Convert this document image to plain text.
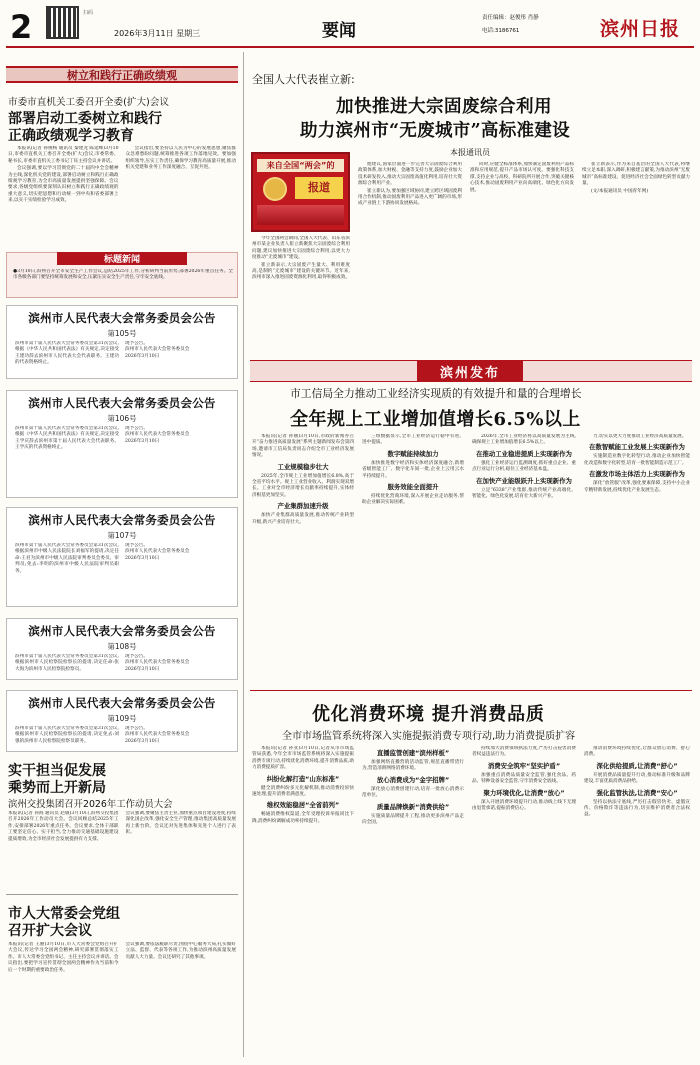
2	扫码
2026年3月11日 星期三	要闻
责任编辑：赵俊彤 肖静
电话:3186761	滨州日报
树立和践行正确政绩观
市委市直机关工委召开全委(扩大)会议
部署启动工委树立和践行
正确政绩观学习教育

本报讯(记者 孙俊杨 通讯员 秦建龙 陈延峰)3月10日,市委市直机关工委召开全委(扩大)会议,市委常委、秘书长,市委市直机关工委书记丁钰主持会议并讲话。

会议强调,要以学习贯彻党的二十届四中全会精神为主线,深化机关党的建设,部署启动树立和践行正确政绩观学习教育,为全市高质量发展提供坚强保障。会议要求,各级党组织要深刻认识树立和践行正确政绩观的重大意义,切实把思想和行动统一到中央和省委部署上来,以实干实绩检验学习成效。

会议指出,要坚持以人民为中心的发展思想,聚焦群众急难愁盼问题,统筹推进各项工作落地见效。要加强组织领导,压实工作责任,确保学习教育高质量开展,推动机关党建和业务工作深度融合、互促共进。

标题新闻
●3月10日,滨州召开全市安全生产工作会议,总结2025年工作,分析研判当前形势,部署2026年重点任务。全市各级各部门要坚持统筹发展和安全,压紧压实安全生产责任,守牢安全底线。
滨州市人民代表大会常务委员会公告
第105号
滨州市第十届人民代表大会常务委员会第31次会议,根据《中华人民共和国代表法》有关规定,决定接受王建功辞去滨州市人民代表大会代表职务。王建功的代表资格终止。
现予公告。
滨州市人民代表大会常务委员会
2026年3月10日
滨州市人民代表大会常务委员会公告
第106号
滨州市第十届人民代表大会常务委员会第31次会议,根据《中华人民共和国代表法》有关规定,决定接受王学庆辞去滨州市第十届人民代表大会代表职务。王学庆的代表资格终止。
现予公告。
滨州市人民代表大会常务委员会
2026年3月10日
滨州市人民代表大会常务委员会公告
第107号
滨州市第十届人民代表大会常务委员会第31次会议,根据滨州市中级人民法院院长刘福军的提请,决定任命:王君为滨州市中级人民法院审判委员会委员、审判员;免去:李明的滨州市中级人民法院审判员职务。
现予公告。
滨州市人民代表大会常务委员会
2026年3月10日
滨州市人民代表大会常务委员会公告
第108号
滨州市第十届人民代表大会常务委员会第31次会议,根据滨州市人民检察院检察长的提请,决定任命:张大海为滨州市人民检察院检察员。
现予公告。
滨州市人民代表大会常务委员会
2026年3月10日
滨州市人民代表大会常务委员会公告
第109号
滨州市第十届人民代表大会常务委员会第31次会议,根据滨州市人民检察院检察长的提请,决定免去:刘强的滨州市人民检察院检察员职务。
现予公告。
滨州市人民代表大会常务委员会
2026年3月10日
实干担当促发展
乘势而上开新局
滨州交投集团召开2026年工作动员大会
本报讯(记者 孙海 通讯员 赵敏)3月10日,滨州交投集团召开2026年工作动员大会。会议回顾总结2025年工作,安排部署2026年重点任务。会议要求,全体干部职工要坚定信心、实干担当,全力推动交通基础设施建设提质增效,为全市经济社会发展提供有力支撑。
会议强调,要聚焦主责主业,加快重点项目建设进度,持续深化国企改革,强化安全生产管理,推动集团高质量发展再上新台阶。会议还对先进集体和先进个人进行了表彰。
市人大常委会党组
召开扩大会议
本报讯(记者 王丽)3月10日,市人大常委会党组召开扩大会议,传达学习全国两会精神,研究部署贯彻落实工作。市人大常委会党组书记、主任主持会议并讲话。会议指出,要把学习宣传贯彻全国两会精神作为当前和今后一个时期的重要政治任务。
会议强调,要依法履职尽责,围绕中心服务大局,扎实做好立法、监督、代表等各项工作,为推动滨州高质量发展贡献人大力量。会议还研究了其他事项。
全国人大代表崔立新:
加快推进大宗固废综合利用
助力滨州市“无废城市”高标准建设
本报通讯员
来自全国“两会”的
报道

今年全国两会期间,全国人大代表、山东省滨州市某企业负责人崔立新聚焦大宗固废综合利用问题,建议加快推进大宗固废综合利用,以更大力度推动“无废城市”建设。

崔立新表示,大宗固废产生量大、利用难度高,是制约“无废城市”建设的关键环节。近年来,滨州市深入推进固废资源化利用,取得积极成效。

他建议,国家层面进一步完善大宗固废综合利用政策体系,加大财税、金融等支持力度,鼓励企业加大技术研发投入,推动大宗固废高值化利用,培育壮大资源综合利用产业。

崔立新认为,要加强区域协同,建立跨区域固废利用合作机制,推动固废利用产品进入更广阔的市场,形成产业链上下游协同发展格局。

同时,应健全标准体系,加快制定固废利用产品标准和应用规范,提升产品市场认可度。要强化科技支撑,支持企业与高校、科研院所开展合作,突破关键核心技术,推动固废利用产业向高端化、绿色化方向发展。

崔立新表示,作为来自基层的全国人大代表,将继续立足本职,深入调研,积极建言献策,为推动滨州“无废城市”高标准建设、促进经济社会全面绿色转型贡献力量。

(文/本报通讯员 中国青年网)

滨州发布
市工信局全力推动工业经济实现质的有效提升和量的合理增长
全年规上工业增加值增长6.5%以上

本报讯(记者 孙丽)3月10日,市政府新闻办召开“奋力推进高质量发展”系列主题新闻发布会第四场,邀请市工信局负责同志介绍全市工业经济发展情况。

工业规模稳步壮大

2025年,全市规上工业增加值增长6.8%,高于全省平均水平。规上工业营业收入、利润实现双增长。工业对全市经济增长贡献率持续提升,实体经济根基更加坚实。

产业集群加速升级

加快产业集群高质量发展,推动传统产业转型升级,新兴产业培育壮大。

三组数据显示,全市工业经济运行稳中有进、进中提质。

数字赋能持续加力

加快推进数字经济和实体经济深度融合,新增省级智能工厂、数字化车间一批,企业上云用云水平持续提升。

服务效能全面提升

持续优化营商环境,深入开展企业走访服务,帮助企业解决实际困难。

2026年,全市工业经济将以高质量发展为主线,确保规上工业增加值增长6.5%以上。

在推动工业稳进提质上实现新作为

强化工业经济运行监测调度,抓好重点企业、重点行业运行分析,稳住工业经济基本盘。

在加快产业能级跃升上实现新作为

立足“6338”产业集群,推动传统产业高端化、智能化、绿色化发展,培育壮大新兴产业。

力,切实以更大力度推动工业经济高质量发展。

在数智赋能工业发展上实现新作为

实施制造业数字化转型行动,推动企业加快智能化改造和数字化转型,培育一批智能制造示范工厂。

在激发市场主体活力上实现新作为

深化“放管服”改革,强化要素保障,支持中小企业专精特新发展,持续优化产业发展生态。

优化消费环境 提升消费品质
全市市场监管系统将深入实施提振消费专项行动,助力消费提质扩容

本报讯(记者 孙亚)3月10日,记者从市市场监管局获悉,今年全市市场监管系统将深入实施提振消费专项行动,持续优化消费环境,提升消费品质,助力消费提质扩容。

纠纷化解打造“山东标准”

健全消费纠纷多元化解机制,推动消费投诉快速处理,提升消费者满意度。

维权效能稳居“全省前列”

畅通消费维权渠道,全年受理投诉举报同比下降,消费纠纷调解成功率持续提升。

直播监管创建“滨州样板”

加强网络直播营销活动监管,规范直播带货行为,营造清朗网络消费环境。

放心消费成为“金字招牌”

深化放心消费创建行动,培育一批放心消费示范单位。

质量品牌焕新“消费供给”

实施质量品牌提升工程,推动更多滨州产品走向全国。

持续加大消费领域执法力度,严厉打击侵害消费者权益违法行为。

消费安全筑牢“坚实护盾”

加强重点消费品质量安全监管,强化食品、药品、特种设备安全监管,守牢消费安全底线。

聚力环境优化,让消费“放心”

深入开展消费环境提升行动,推动线上线下无理由退货承诺,提振消费信心。

推动消费环境持续优化,让群众放心消费、舒心消费。

深化供给提质,让消费“舒心”

开展消费品质量提升行动,推动标准升级和品牌建设,丰富优质消费品供给。

强化监管执法,让消费“安心”

坚持以执法守底线,严厉打击假冒伪劣、虚假宣传、价格欺诈等违法行为,切实维护消费者合法权益。
